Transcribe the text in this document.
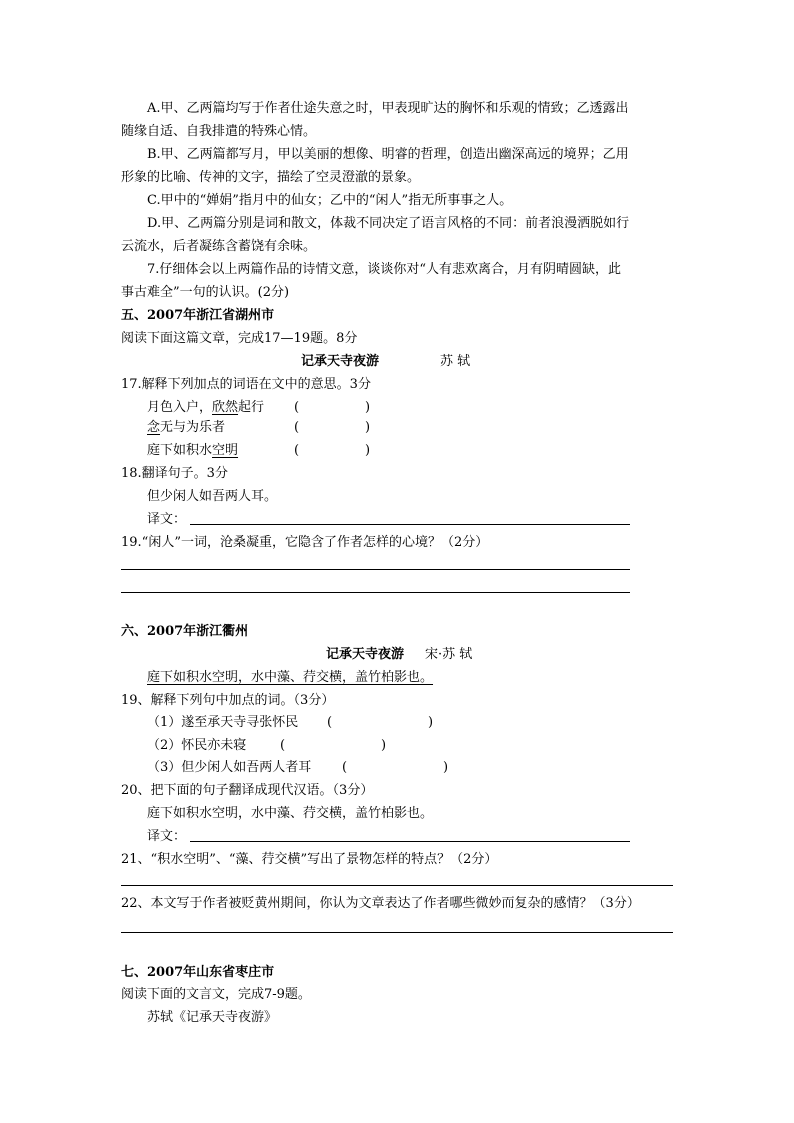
A.甲、乙两篇均写于作者仕途失意之时，甲表现旷达的胸怀和乐观的情致；乙透露出
随缘自适、自我排遣的特殊心情。
B.甲、乙两篇都写月，甲以美丽的想像、明睿的哲理，创造出幽深高远的境界；乙用
形象的比喻、传神的文字，描绘了空灵澄澈的景象。
C.甲中的“婵娟”指月中的仙女；乙中的“闲人”指无所事事之人。
D.甲、乙两篇分别是词和散文，体裁不同决定了语言风格的不同：前者浪漫洒脱如行
云流水，后者凝练含蓄饶有余味。
7.仔细体会以上两篇作品的诗情文意，谈谈你对“人有悲欢离合，月有阴晴圆缺，此
事古难全”一句的认识。(2分)
五、2007年浙江省湖州市
阅读下面这篇文章，完成17—19题。8分
记承天寺夜游	苏 轼
17.解释下列加点的词语在文中的意思。3分
月色入户，欣然起行 (	)
念无与为乐者	(	)
庭下如积水空明	(	)
18.翻译句子。3分
但少闲人如吾两人耳。
译文：
19.“闲人”一词，沧桑凝重，它隐含了作者怎样的心境？（2分）
六、2007年浙江衢州
记承天寺夜游 宋·苏 轼
庭下如积水空明，水中藻、荇交横，盖竹柏影也。
19、解释下列句中加点的词。（3分）
（1）遂至承天寺寻张怀民 (	)
（2）怀民亦未寝	(	)
（3）但少闲人如吾两人者耳 (	)
20、把下面的句子翻译成现代汉语。（3分）
庭下如积水空明，水中藻、荇交横，盖竹柏影也。
译文：
21、“积水空明”、“藻、荇交横”写出了景物怎样的特点？（2分）
22、本文写于作者被贬黄州期间，你认为文章表达了作者哪些微妙而复杂的感情？（3分）
七、2007年山东省枣庄市
阅读下面的文言文，完成7-9题。
苏轼《记承天寺夜游》
